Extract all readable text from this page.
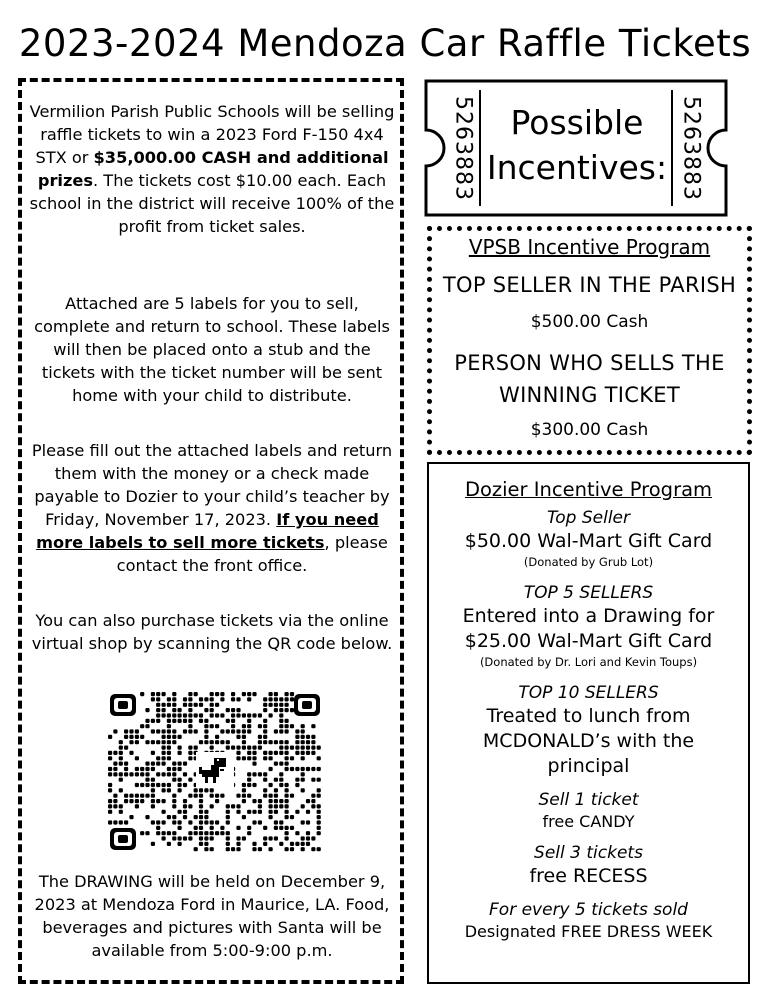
2023-2024 Mendoza Car Raffle Tickets
Vermilion Parish Public Schools will be selling raffle tickets to win a 2023 Ford F-150 4x4 STX or $35,000.00 CASH and additional prizes. The tickets cost $10.00 each. Each school in the district will receive 100% of the profit from ticket sales.
Attached are 5 labels for you to sell, complete and return to school. These labels will then be placed onto a stub and the tickets with the ticket number will be sent home with your child to distribute.
Please fill out the attached labels and return them with the money or a check made payable to Dozier to your child’s teacher by Friday, November 17, 2023. If you need more labels to sell more tickets, please contact the front office.
You can also purchase tickets via the online virtual shop by scanning the QR code below.
The DRAWING will be held on December 9, 2023 at Mendoza Ford in Maurice, LA. Food, beverages and pictures with Santa will be available from 5:00-9:00 p.m.
5263883	5263883
Possible
Incentives:
VPSB Incentive Program
TOP SELLER IN THE PARISH
$500.00 Cash
PERSON WHO SELLS THE WINNING TICKET
$300.00 Cash
Dozier Incentive Program
Top Seller
$50.00 Wal-Mart Gift Card
(Donated by Grub Lot)
TOP 5 SELLERS
Entered into a Drawing for $25.00 Wal-Mart Gift Card
(Donated by Dr. Lori and Kevin Toups)
TOP 10 SELLERS
Treated to lunch from MCDONALD’s with the principal
Sell 1 ticket
free CANDY
Sell 3 tickets
free RECESS
For every 5 tickets sold
Designated FREE DRESS WEEK
